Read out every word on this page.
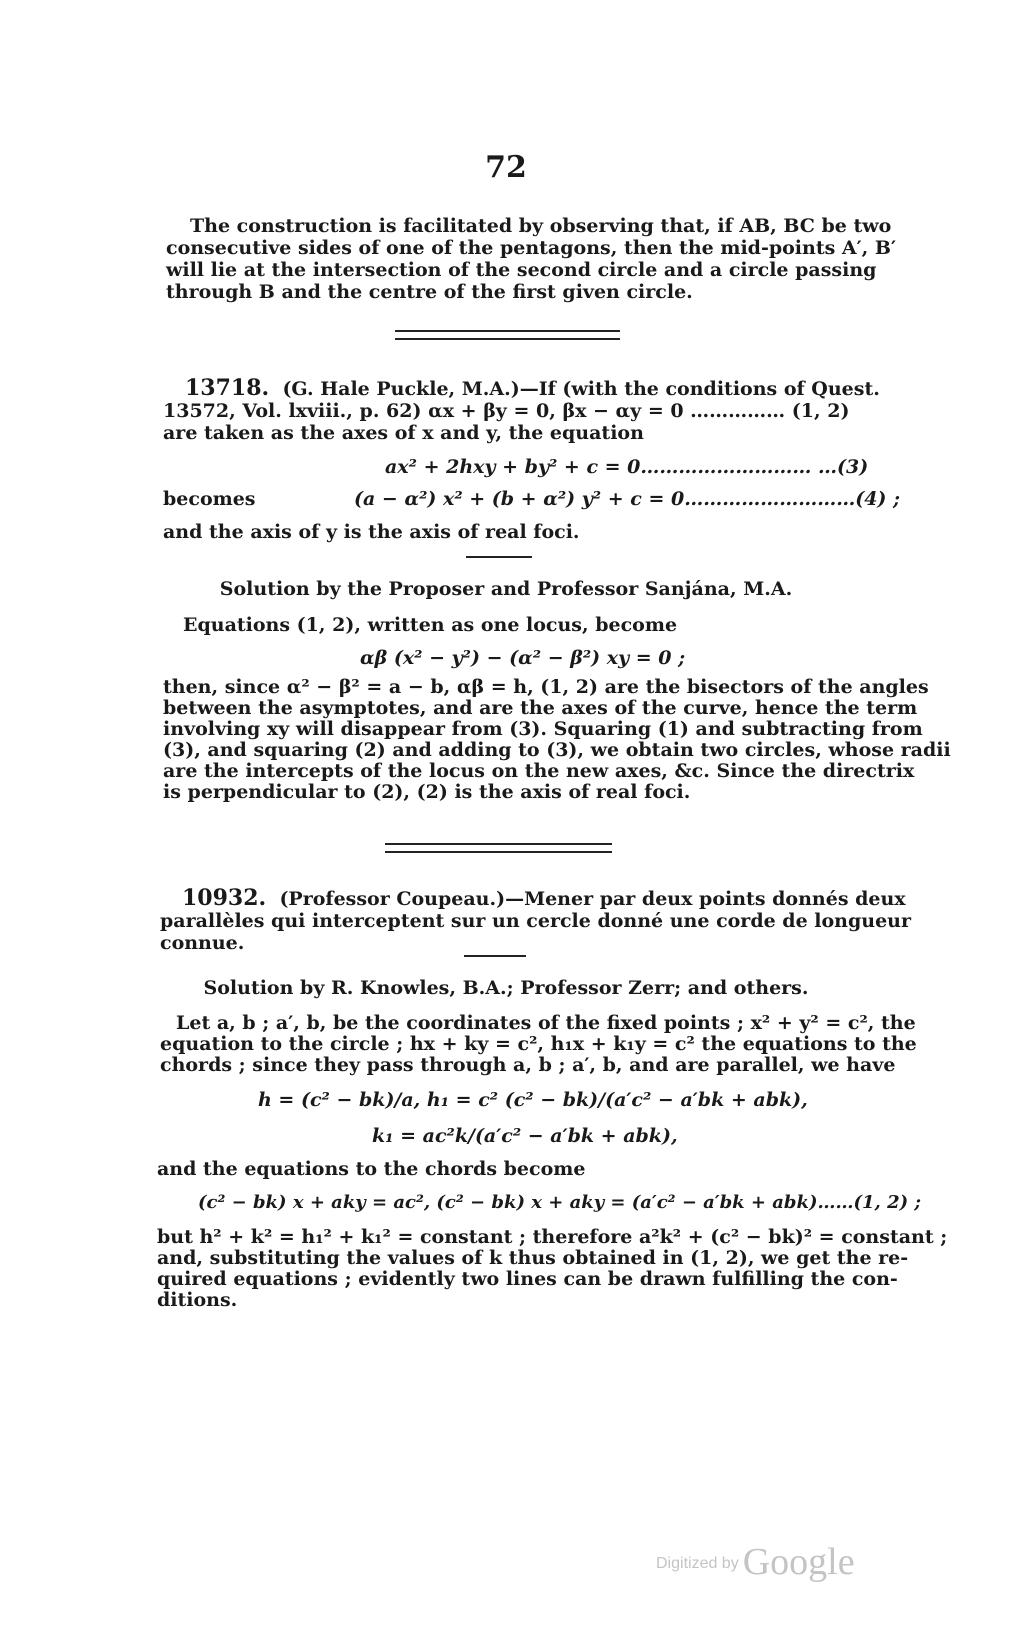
72
The construction is facilitated by observing that, if AB, BC be two
consecutive sides of one of the pentagons, then the mid-points A′, B′
will lie at the intersection of the second circle and a circle passing
through B and the centre of the first given circle.
13718. (G. Hale Puckle, M.A.)—If (with the conditions of Quest.
13572, Vol. lxviii., p. 62) αx + βy = 0, βx − αy = 0 …………… (1, 2)
are taken as the axes of x and y, the equation
ax² + 2hxy + by² + c = 0……………………… …(3)
becomes	(a − α²) x² + (b + α²) y² + c = 0………………………(4) ;
and the axis of y is the axis of real foci.
Solution by the Proposer and Professor Sanjána, M.A.
Equations (1, 2), written as one locus, become
αβ (x² − y²) − (α² − β²) xy = 0 ;
then, since α² − β² = a − b, αβ = h, (1, 2) are the bisectors of the angles
between the asymptotes, and are the axes of the curve, hence the term
involving xy will disappear from (3). Squaring (1) and subtracting from
(3), and squaring (2) and adding to (3), we obtain two circles, whose radii
are the intercepts of the locus on the new axes, &c. Since the directrix
is perpendicular to (2), (2) is the axis of real foci.
10932. (Professor Coupeau.)—Mener par deux points donnés deux
parallèles qui interceptent sur un cercle donné une corde de longueur
connue.
Solution by R. Knowles, B.A.; Professor Zerr; and others.
Let a, b ; a′, b, be the coordinates of the fixed points ; x² + y² = c², the
equation to the circle ; hx + ky = c², h₁x + k₁y = c² the equations to the
chords ; since they pass through a, b ; a′, b, and are parallel, we have
h = (c² − bk)/a, h₁ = c² (c² − bk)/(a′c² − a′bk + abk),
k₁ = ac²k/(a′c² − a′bk + abk),
and the equations to the chords become
(c² − bk) x + aky = ac², (c² − bk) x + aky = (a′c² − a′bk + abk)……(1, 2) ;
but h² + k² = h₁² + k₁² = constant ; therefore a²k² + (c² − bk)² = constant ;
and, substituting the values of k thus obtained in (1, 2), we get the re-
quired equations ; evidently two lines can be drawn fulfilling the con-
ditions.
Digitized by Google
